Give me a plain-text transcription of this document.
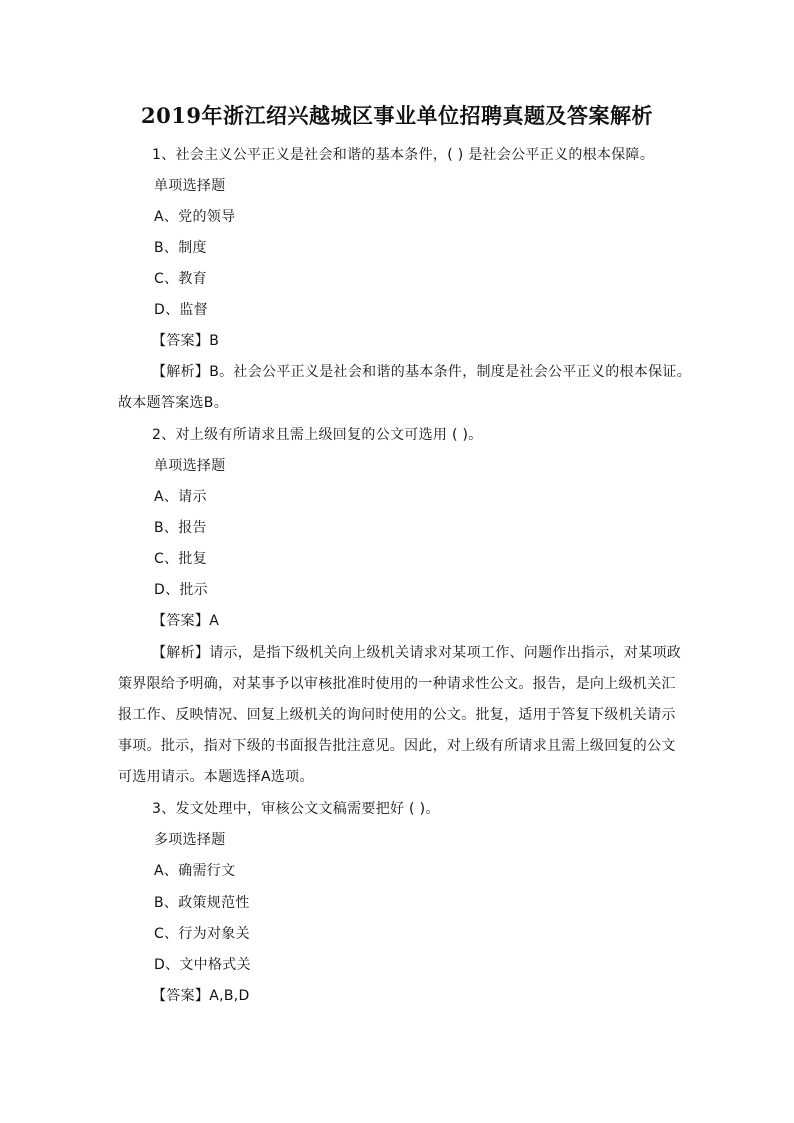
2019年浙江绍兴越城区事业单位招聘真题及答案解析
1、社会主义公平正义是社会和谐的基本条件，( ) 是社会公平正义的根本保障。
单项选择题
A、党的领导
B、制度
C、教育
D、监督
【答案】B
【解析】B。社会公平正义是社会和谐的基本条件，制度是社会公平正义的根本保证。
故本题答案选B。
2、对上级有所请求且需上级回复的公文可选用 ( )。
单项选择题
A、请示
B、报告
C、批复
D、批示
【答案】A
【解析】请示，是指下级机关向上级机关请求对某项工作、问题作出指示，对某项政
策界限给予明确，对某事予以审核批准时使用的一种请求性公文。报告，是向上级机关汇
报工作、反映情况、回复上级机关的询问时使用的公文。批复，适用于答复下级机关请示
事项。批示，指对下级的书面报告批注意见。因此，对上级有所请求且需上级回复的公文
可选用请示。本题选择A选项。
3、发文处理中，审核公文文稿需要把好 ( )。
多项选择题
A、确需行文
B、政策规范性
C、行为对象关
D、文中格式关
【答案】A,B,D
